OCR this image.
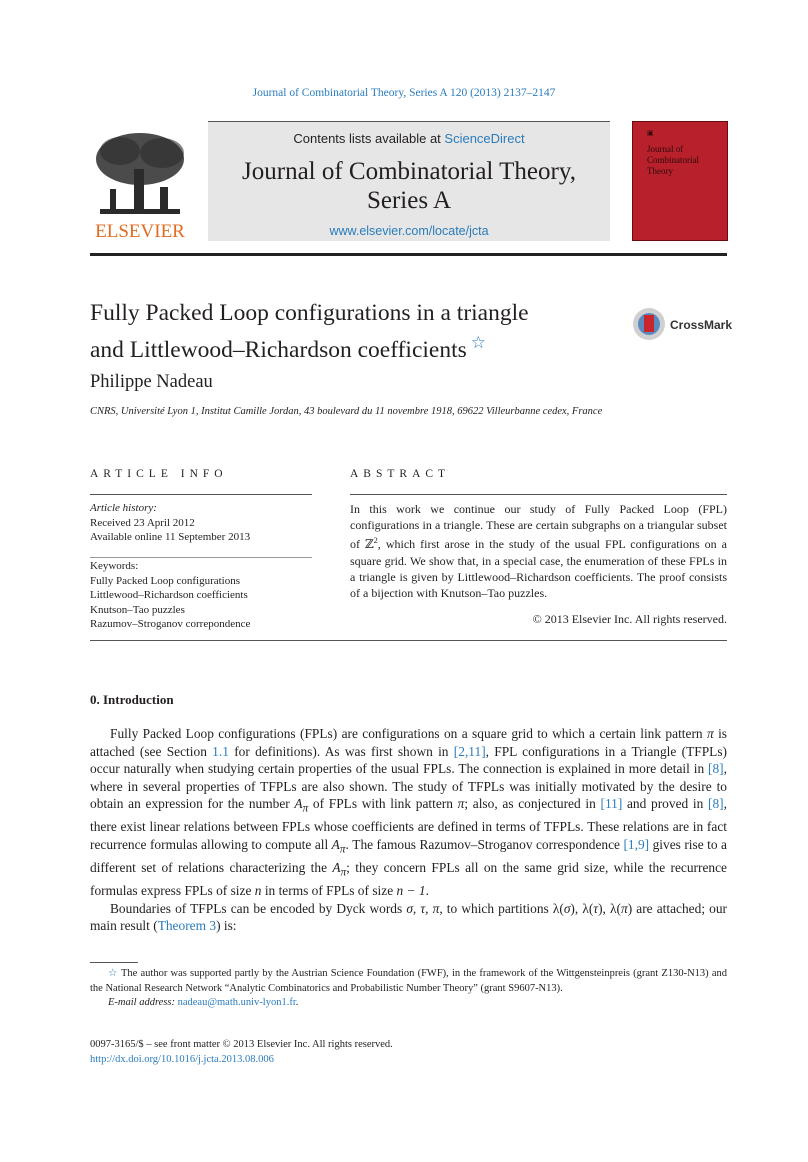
Journal of Combinatorial Theory, Series A 120 (2013) 2137–2147
ELSEVIER
Contents lists available at ScienceDirect
Journal of Combinatorial Theory,
Series A
www.elsevier.com/locate/jcta
▣
Journal of Combinatorial Theory
Fully Packed Loop configurations in a triangle
and Littlewood–Richardson coefficients ☆
CrossMark
Philippe Nadeau
CNRS, Université Lyon 1, Institut Camille Jordan, 43 boulevard du 11 novembre 1918, 69622 Villeurbanne cedex, France
ARTICLE INFO	ABSTRACT
Article history:
Received 23 April 2012
Available online 11 September 2013
Keywords:
Fully Packed Loop configurations
Littlewood–Richardson coefficients
Knutson–Tao puzzles
Razumov–Stroganov correpondence
In this work we continue our study of Fully Packed Loop (FPL) configurations in a triangle. These are certain subgraphs on a triangular subset of ℤ$^2$, which first arose in the study of the usual FPL configurations on a square grid. We show that, in a special case, the enumeration of these FPLs in a triangle is given by Littlewood–Richardson coefficients. The proof consists of a bijection with Knutson–Tao puzzles.
© 2013 Elsevier Inc. All rights reserved.
0. Introduction

Fully Packed Loop configurations (FPLs) are configurations on a square grid to which a certain link pattern π is attached (see Section 1.1 for definitions). As was first shown in [2,11], FPL configurations in a Triangle (TFPLs) occur naturally when studying certain properties of the usual FPLs. The connection is explained in more detail in [8], where in several properties of TFPLs are also shown. The study of TFPLs was initially motivated by the desire to obtain an expression for the number $A_\pi$ of FPLs with link pattern π; also, as conjectured in [11] and proved in [8], there exist linear relations between FPLs whose coefficients are defined in terms of TFPLs. These relations are in fact recurrence formulas allowing to compute all $A_\pi$. The famous Razumov–Stroganov correspondence [1,9] gives rise to a different set of relations characterizing the $A_\pi$; they concern FPLs all on the same grid size, while the recurrence formulas express FPLs of size n in terms of FPLs of size n − 1.

Boundaries of TFPLs can be encoded by Dyck words σ, τ, π, to which partitions λ(σ), λ(τ), λ(π) are attached; our main result (Theorem 3) is:

☆ The author was supported partly by the Austrian Science Foundation (FWF), in the framework of the Wittgensteinpreis (grant Z130-N13) and the National Research Network “Analytic Combinatorics and Probabilistic Number Theory” (grant S9607-N13).

E-mail address: nadeau@math.univ-lyon1.fr.

0097-3165/$ – see front matter © 2013 Elsevier Inc. All rights reserved.
http://dx.doi.org/10.1016/j.jcta.2013.08.006
